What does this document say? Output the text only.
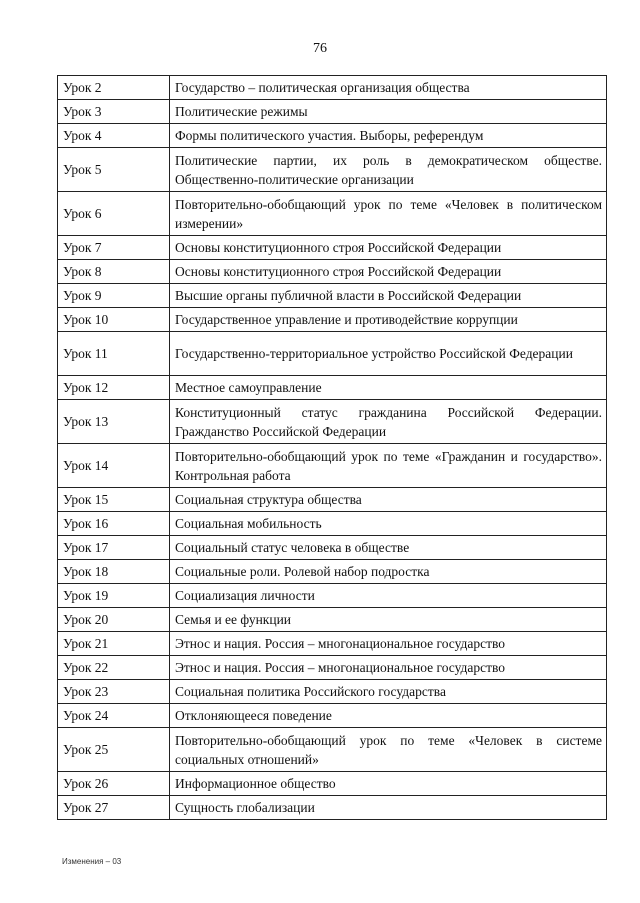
76
Урок 2	Государство – политическая организация общества
Урок 3	Политические режимы
Урок 4	Формы политического участия. Выборы, референдум
Урок 5	Политические партии, их роль в демократическом обществе. Общественно-политические организации
Урок 6	Повторительно-обобщающий урок по теме «Человек в политическом измерении»
Урок 7	Основы конституционного строя Российской Федерации
Урок 8	Основы конституционного строя Российской Федерации
Урок 9	Высшие органы публичной власти в Российской Федерации
Урок 10	Государственное управление и противодействие коррупции
Урок 11	Государственно-территориальное устройство Российской Федерации
Урок 12	Местное самоуправление
Урок 13	Конституционный статус гражданина Российской Федерации. Гражданство Российской Федерации
Урок 14	Повторительно-обобщающий урок по теме «Гражданин и государство». Контрольная работа
Урок 15	Социальная структура общества
Урок 16	Социальная мобильность
Урок 17	Социальный статус человека в обществе
Урок 18	Социальные роли. Ролевой набор подростка
Урок 19	Социализация личности
Урок 20	Семья и ее функции
Урок 21	Этнос и нация. Россия – многонациональное государство
Урок 22	Этнос и нация. Россия – многонациональное государство
Урок 23	Социальная политика Российского государства
Урок 24	Отклоняющееся поведение
Урок 25	Повторительно-обобщающий урок по теме «Человек в системе социальных отношений»
Урок 26	Информационное общество
Урок 27	Сущность глобализации
Изменения – 03
